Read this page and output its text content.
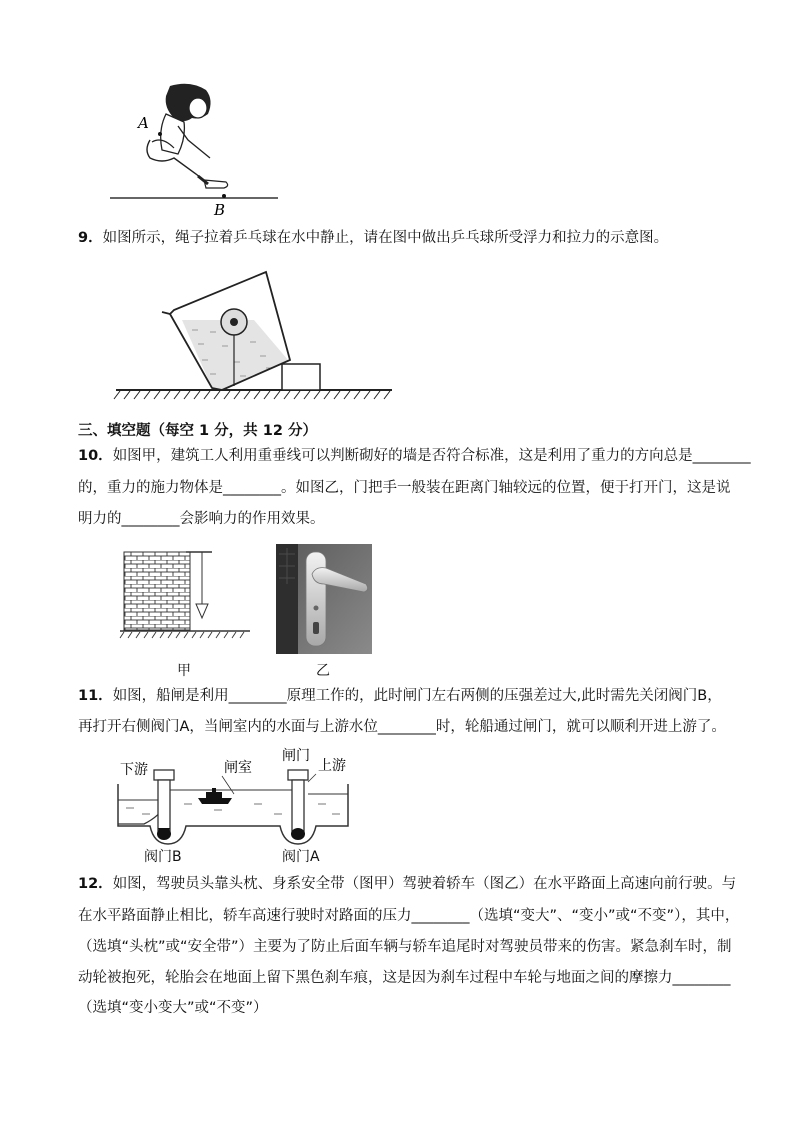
A
B
9．如图所示，绳子拉着乒乓球在水中静止，请在图中做出乒乓球所受浮力和拉力的示意图。
三、填空题（每空 1 分，共 12 分）
10．如图甲，建筑工人利用重垂线可以判断砌好的墙是否符合标准，这是利用了重力的方向总是________
的，重力的施力物体是________。如图乙，门把手一般装在距离门轴较远的位置，便于打开门，这是说
明力的________会影响力的作用效果。
甲	乙
11．如图，船闸是利用________原理工作的，此时闸门左右两侧的压强差过大,此时需先关闭阀门B，
再打开右侧阀门A，当闸室内的水面与上游水位________时，轮船通过闸门，就可以顺利开进上游了。
下游	闸室
闸门
上游
阀门B	阀门A
12．如图，驾驶员头靠头枕、身系安全带（图甲）驾驶着轿车（图乙）在水平路面上高速向前行驶。与
在水平路面静止相比，轿车高速行驶时对路面的压力________（选填“变大”、“变小”或“不变”），其中，
（选填“头枕”或“安全带”）主要为了防止后面车辆与轿车追尾时对驾驶员带来的伤害。紧急刹车时，制
动轮被抱死，轮胎会在地面上留下黑色刹车痕，这是因为刹车过程中车轮与地面之间的摩擦力________
（选填“变小变大”或“不变”）
